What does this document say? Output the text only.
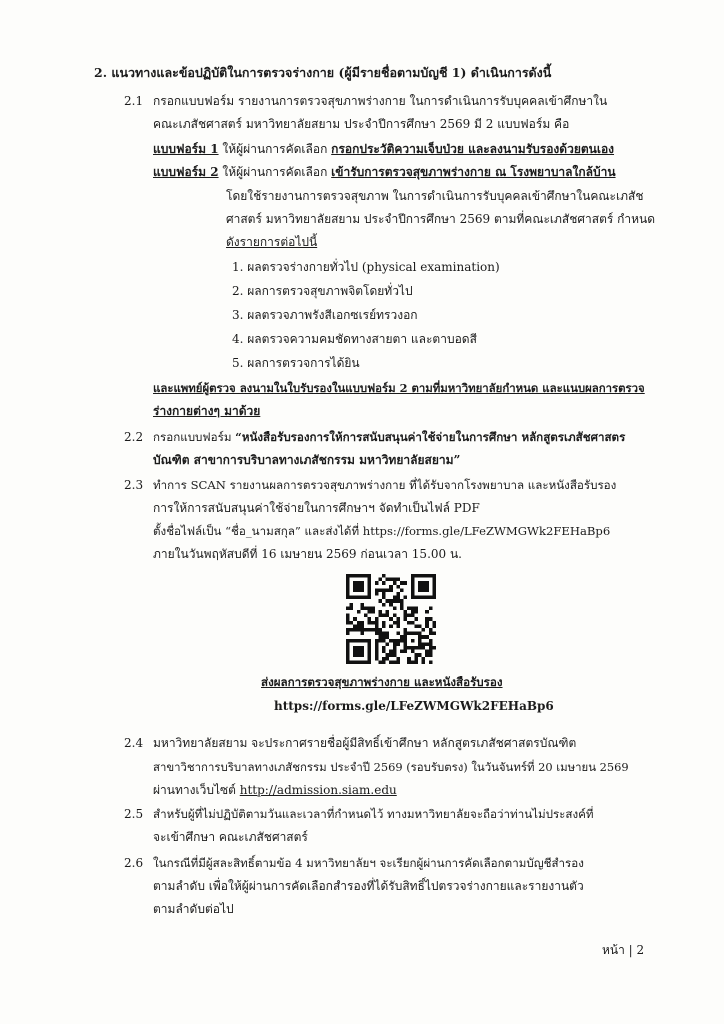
2. แนวทางและข้อปฏิบัติในการตรวจร่างกาย (ผู้มีรายชื่อตามบัญชี 1) ดำเนินการดังนี้
2.1 กรอกแบบฟอร์ม รายงานการตรวจสุขภาพร่างกาย ในการดำเนินการรับบุคคลเข้าศึกษาใน
คณะเภสัชศาสตร์ มหาวิทยาลัยสยาม ประจำปีการศึกษา 2569 มี 2 แบบฟอร์ม คือ
แบบฟอร์ม 1 ให้ผู้ผ่านการคัดเลือก กรอกประวัติความเจ็บป่วย และลงนามรับรองด้วยตนเอง
แบบฟอร์ม 2 ให้ผู้ผ่านการคัดเลือก เข้ารับการตรวจสุขภาพร่างกาย ณ โรงพยาบาลใกล้บ้าน
โดยใช้รายงานการตรวจสุขภาพ ในการดำเนินการรับบุคคลเข้าศึกษาในคณะเภสัช
ศาสตร์ มหาวิทยาลัยสยาม ประจำปีการศึกษา 2569 ตามที่คณะเภสัชศาสตร์ กำหนด
ดังรายการต่อไปนี้
1. ผลตรวจร่างกายทั่วไป (physical examination)
2. ผลการตรวจสุขภาพจิตโดยทั่วไป
3. ผลตรวจภาพรังสีเอกซเรย์ทรวงอก
4. ผลตรวจความคมชัดทางสายตา และตาบอดสี
5. ผลการตรวจการได้ยิน
และแพทย์ผู้ตรวจ ลงนามในใบรับรองในแบบฟอร์ม 2 ตามที่มหาวิทยาลัยกำหนด และแนบผลการตรวจ
ร่างกายต่างๆ มาด้วย
2.2 กรอกแบบฟอร์ม “หนังสือรับรองการให้การสนับสนุนค่าใช้จ่ายในการศึกษา หลักสูตรเภสัชศาสตร
บัณฑิต สาขาการบริบาลทางเภสัชกรรม มหาวิทยาลัยสยาม”
2.3 ทำการ SCAN รายงานผลการตรวจสุขภาพร่างกาย ที่ได้รับจากโรงพยาบาล และหนังสือรับรอง
การให้การสนับสนุนค่าใช้จ่ายในการศึกษาฯ จัดทำเป็นไฟล์ PDF
ตั้งชื่อไฟล์เป็น “ชื่อ_นามสกุล” และส่งได้ที่ https://forms.gle/LFeZWMGWk2FEHaBp6
ภายในวันพฤหัสบดีที่ 16 เมษายน 2569 ก่อนเวลา 15.00 น.
ส่งผลการตรวจสุขภาพร่างกาย และหนังสือรับรอง
https://forms.gle/LFeZWMGWk2FEHaBp6
2.4 มหาวิทยาลัยสยาม จะประกาศรายชื่อผู้มีสิทธิ์เข้าศึกษา หลักสูตรเภสัชศาสตรบัณฑิต
สาขาวิชาการบริบาลทางเภสัชกรรม ประจำปี 2569 (รอบรับตรง) ในวันจันทร์ที่ 20 เมษายน 2569
ผ่านทางเว็บไซต์ http://admission.siam.edu
2.5 สำหรับผู้ที่ไม่ปฏิบัติตามวันและเวลาที่กำหนดไว้ ทางมหาวิทยาลัยจะถือว่าท่านไม่ประสงค์ที่
จะเข้าศึกษา คณะเภสัชศาสตร์
2.6 ในกรณีที่มีผู้สละสิทธิ์ตามข้อ 4 มหาวิทยาลัยฯ จะเรียกผู้ผ่านการคัดเลือกตามบัญชีสำรอง
ตามลำดับ เพื่อให้ผู้ผ่านการคัดเลือกสำรองที่ได้รับสิทธิ์ไปตรวจร่างกายและรายงานตัว
ตามลำดับต่อไป
หน้า | 2
